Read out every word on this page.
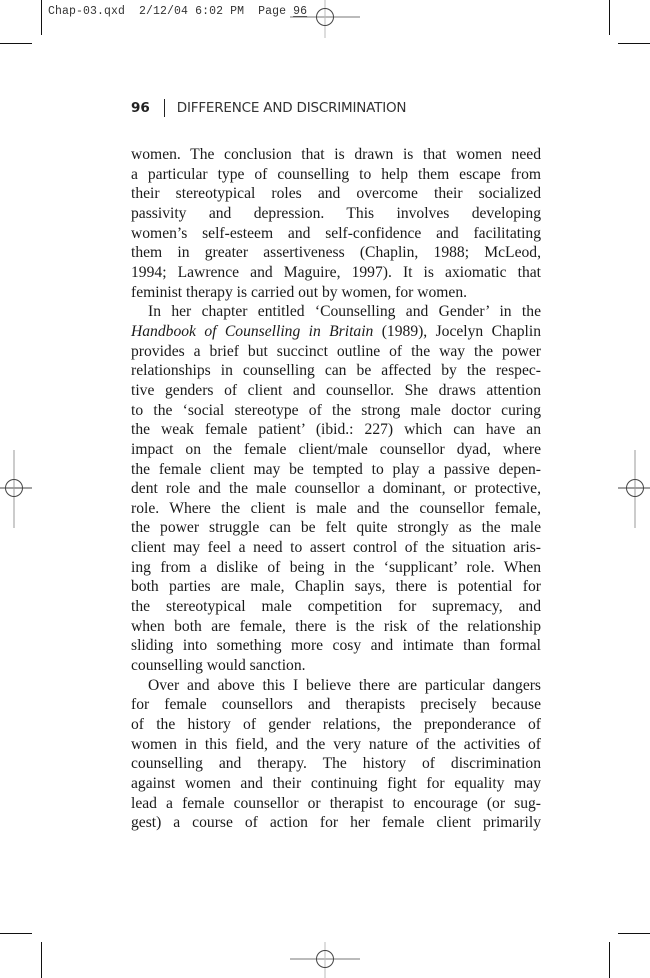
Chap-03.qxd 2/12/04 6:02 PM Page 96
96 DIFFERENCE AND DISCRIMINATION

women. The conclusion that is drawn is that women need
a particular type of counselling to help them escape from
their stereotypical roles and overcome their socialized
passivity and depression. This involves developing
women’s self-esteem and self-confidence and facilitating
them in greater assertiveness (Chaplin, 1988; McLeod,
1994; Lawrence and Maguire, 1997). It is axiomatic that
feminist therapy is carried out by women, for women.

In her chapter entitled ‘Counselling and Gender’ in the
Handbook of Counselling in Britain (1989), Jocelyn Chaplin
provides a brief but succinct outline of the way the power
relationships in counselling can be affected by the respec-
tive genders of client and counsellor. She draws attention
to the ‘social stereotype of the strong male doctor curing
the weak female patient’ (ibid.: 227) which can have an
impact on the female client/male counsellor dyad, where
the female client may be tempted to play a passive depen-
dent role and the male counsellor a dominant, or protective,
role. Where the client is male and the counsellor female,
the power struggle can be felt quite strongly as the male
client may feel a need to assert control of the situation aris-
ing from a dislike of being in the ‘supplicant’ role. When
both parties are male, Chaplin says, there is potential for
the stereotypical male competition for supremacy, and
when both are female, there is the risk of the relationship
sliding into something more cosy and intimate than formal
counselling would sanction.

Over and above this I believe there are particular dangers
for female counsellors and therapists precisely because
of the history of gender relations, the preponderance of
women in this field, and the very nature of the activities of
counselling and therapy. The history of discrimination
against women and their continuing fight for equality may
lead a female counsellor or therapist to encourage (or sug-
gest) a course of action for her female client primarily
